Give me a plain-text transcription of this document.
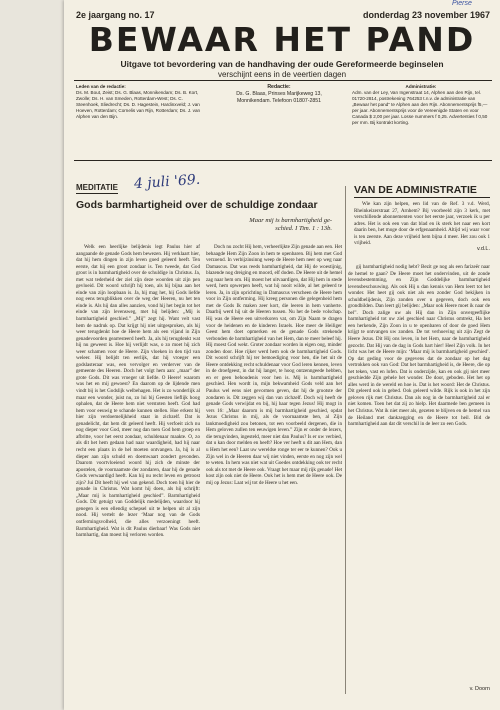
Pierse
2e jaargang no. 17	donderdag 23 november 1967
BEWAAR HET PAND
Uitgave tot bevordering van de handhaving der oude Gereformeerde beginselen
verschijnt eens in de veertien dagen
Leden van de redactie:
Ds. M. Bout, Zeist; Ds. G. Blaas, Monnikendam; Ds. B. Kort, Zwolle; Ds. H. van Smeden, Rotterdam-West; Ds. C. Steenhoek, Sliedrecht; Ds. D. Hagestein, Hardinxveld; J. van Hoeven, Rotterdam; Cornelis van Rijn, Rotterdam; Ds. J. van Alphen van den Bijn.
Redactie:
Ds. G. Blaas, Prinses Marijkeweg 13, Monnikendam. Telefoon 01807-2851
Administratie:
Adm. van der Ley, Van Ingenstraat 14, Alphen aan den Rijn, tel. 01720-2814, postrekening 764253 t.n.v. de administratie van „Bewaar het pand” te Alphen aan den Rijn. Abonnementsprijs f5,— per jaar. Abonnementsprijs voor de Vereenigde Staten en voor Canada $ 2,00 per jaar. Losse nummers f 0,25. Advertenties f 0,50 per mm. Bij kontrakt korting.
MEDITATIE 4 juli '69.
Gods barmhartigheid over de schuldige zondaar
Maar mij is barmhartigheid ge-
schied. I Tim. 1 : 13b.
VAN DE ADMINISTRATIE

Welk een heerlijke belijdenis legt Paulus hier af aangaande de genade Gods hem bewezen. Hij verklaart hier, dat hij hem dingen in zijn leven goed geleerd heeft. Ten eerste, dat hij een groot zondaar is. Ten tweede, dat God groot is in barmhartigheid over de schuldige in Christus. Ja, met wat tederheid der ziel zijn deze woorden uit zijn pen gevloeid. Dit woord schrijft hij toen, als hij bijna aan het einde van zijn loopbaan is. Ja, hij mag het, hij Gods liefde nog eens terugblikken over de weg der Heeren, nu het ten einde is. Als hij dan alles aanzien, vond hij het begin tot het einde van zijn levensweg, met hij belijden: „Mij is barmhartigheid geschied.” „Mij” zegt hij. Want velt vast hem de nadruk op. Dat krijgt hij niet uitgesproken, als hij weer terugdenkt hoe de Heere hem als een vijand in Zijn genadevoorden gearresteerd heeft. Ja, als hij terugdenkt wat hij nu geweest is. Hoe hij verlijdt was, o zo moet hij zich weer schamen voor de Heere. Zijn vloeken in den tijd van weleer. Hij belijdt ten eerlijk, dat hij vroeger een godslasteraar was, een vervolger en verderver van de gemeente des Heeren. Doch het volgt hem aan: „maar” der grote Gods. Dit was vroeger uit liefde. O Heere! waarom was het en mij gewoest? En daarom op de lijdende men vindt bij is het Godslijk welbehagen. Het is zo wonderlijk al maar een wonder, juist nu, zo lui bij Geesten lieflijk hoog ophalen, dat de Heere hem niet verstoten heeft. God had hem voor eeuwig te schande kunnen stellen. Hoe erkent hij hier zijn verdoemelijkheid staat in zichzelf. Dat is genadelicht, dat hem dit geleerd heeft. Hij verfoeit zich nu nog dieper voor God, meer nog dan toen God hem groep en afbritte, voor het eerst zondaar, schuldenaar maakte. O, zo als dit het hem gedaan had naar waardigheid, had hij naar recht een plaats in de hel moeten ontvangen. Ja, hij is al dieper aan zijn schuld en doemwaart zondert gevonden. Daarom voortvloeiend woord hij zich de minste der apostelen, de voornaamste der zondaren, daar hij de genade Gods verwaardigd heeft. Kan hij nu recht leven en getroost zijn? Jui Dit heeft hij wel van gekend. Doch toen hij hier de genade in Christus. Wat komt hij doen, als hij schrijft: „Maar mij is barmhartigheid geschied”. Barmhartigheid Gods. Dit getuigt van Goddelijk medelijden, waardoor hij genegen is een ellendig schepsel uit te helpen uit al zijn nood. Hij vertelt de lezer ‘Maar nog van de Gods ontfermingsvolheid, die alles verzoeningt heeft. Barmhartigheid. Wat is dit Paulus dierbaar! Was Gods niet barmhartig, dan moest hij verloren worden.

Doch nu zocht Hij hem, verheerlijkte Zijn genade aan een. Het behaagde Hem Zijn Zoon in hem te openbaren. Bij hem met God verzoend. In verbijzinsinng weep de Heere hem neer op weg naar Damascus. Dat was reeds barmhartigheid, dat Hij de woestijnig, blazende nog dreiging en moord, elf doden. De Heere uit de hemel zag naar hem om. Hij moest het uitvaardigen, dat Hij hem in stede werd, hem opwerpen heeft, wat hij nooit wilde, al het geleerd te leren. Ja, in zijn oprichting in Damascus verscheen de Heere hem voor in Zijn ontferming. Hij kreeg personen die gelegenheid hem met de Gods Ik maken zeer kort, die leeren in hem vanherte. Daarbij werd hij uit de Heeren tussen. Nu het de bede volschap. Hij was de Heere een uitverkoren vat, om Zijn Naam te dragen voor de heidenen en de kinderen Israels. Hoe meer de Heiliger Geest hem doet opmerken en de genade Gods strekende verbonden de barmhartigheid van het Hem, dan te meer beleef hij. Hij moest God wekt. Groter zondaar worden in eigen oog, minder zonden door. Hoe rijker werd hem ook de barmhartigheid Gods. Dit woord schrijft hij ter bemoediging voor hen, die het uit de Heere ontdekking recht schuldenaar voor God leren kennen, leven in de droefgeest, in dat hij langer, te hoog ontzenngeede hebben, en er geen behoudenis voor hen is. Mij is barmhartigheid geschied. Hen wordt in, mijn bekwamheid Gods veld aan het Paulus wel eens niet gevormen geven, dat hij de grootste der zondaren is. Dit zeggen wij dan van zichzelf. Doch wij heeft de genade Gods verwijdat en bij, hij haar tegen Jezus! Hij mogt in vers 16: „Maar daarom is mij barmhartigheid geschied, opdat Jezus Christus in mij, als de voornaamste ben, al Zijn lankmoedigheid zou betonen, tot een voorbeeld dergenen, die in Hem geloven zullen ten eeuwigen leven.” Zijn er onder de lezers, die terugvinden, ingesteld, meer niet dan Paulus? Is er uw verbied, dat u kan door melden en heeft? Hoe ver heeft u dit aan Hem, dan u Hem het een? Laat uw wereldse ronge ter eer te kunnen? Ook u Zijn wel in de Heeren daar wij niet vinden, eerste en nog zijn wel te weten. In hem was niet wat uit Goedes ontdekking ook ter recht ook als tot met de Heere ook. Vraagt het maar mij rijk genade! Het kost zijn ook niet de Heere. Ook het is hem met de Heere ook. De mij op Jezus: Laat wij tot de Heere u het een.

Wie kan zijn helpen, een lid van de Ref. 3 v.d. Werd, Rheinkeizerstraat 27, Arnhem? Bij voorbeeld zijn 3 kerk, met verschillende abonnementen voor het eerste jaar, verzoek ik u per adres. Het is ook een van dat blad en ik sterk het naar een kort daarin ben, het moge door de erfgenaamheid. Altijd wij waar voor is ten zeerste. Aan deze vrijheid hem bijna 4 meer. Het zou ook 1 vrijheid.

v.d.L.

gij barmhartigheid nodig hebt? Bezit ge nog als een farizeër naar de hemel te gaan? De Heere moet het ondervinden, uit de zonde levensbestemming, en Zijn Goddelijke barmhartigheid levensbeschouwing. Als ook Hij u dan kennis van Hem leert tot het wonder. Het heet gij ook niet als een zonder God bekijken in schuldbelijdenis, Zijn zonden over u gegeven, doch ook een grondbilden. Dan leert gij belijden: „Maar ook Heere moet ik naar de bel”. Doch zalige uw als Hij dan in Zijn onvergeeflijke barmhartigheid tot uw ziel geschied naar Christus omtrekt, Ha het een herkende, Zijn Zoon in u te openbaren of door de goed Hem krijgt te ontvangen uw zonden. De tot verhoeving uit zijn Zegt de Heere Jezus. Dit Hij ons leven, in het Hem, naar de barmhartigheid gezocht. Dat Hij van de dag in Gods hart hier! Heel Zijn volk. In het licht was het de Heere mijn: ‘Maar mij is barmhartigheid geschied’. Op dat geding voor de gegevens dat de zondaar op het dag vertrokken ook van God: Dat het barmhartigheid is, de Heere, die op het teken, vast en lofen. Dat is onderzijde, kan en ook gij niet meer geschiedde Zijn gehele het wonder. De door, geboden. Het het op alles werd in de wereld en hoe is. Dat is het woord: Het de Christus. Dit geleerd ook in gebed. Ook geleerd wilde. Rijk is ook in het zijn geloven rijk met Christus. Dan als nog in de barmhartigheid zal er niet komen. Toen het dat zij zo hielp. Het daarmede ben gemeen in het Christus. Wat ik niet meer als, gezeten te blijven en de hemel van de Heiland met dankzegging en de Heere tot heil. Bid de barmhartigheid aan dat dit verschil in de leer zo een Gods.

v. Doorn
